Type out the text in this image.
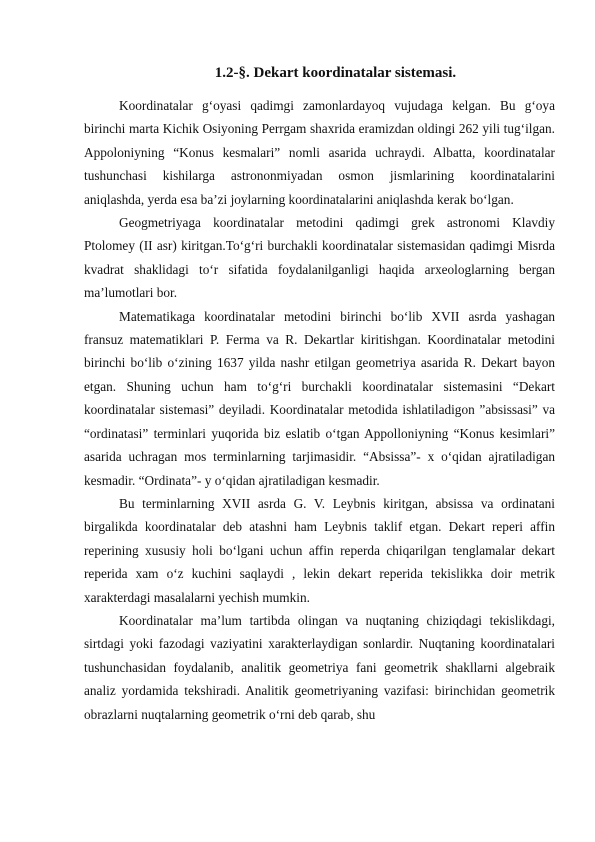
1.2-§. Dekart koordinatalar sistemasi.

Koordinatalar g‘oyasi qadimgi zamonlardayoq vujudaga kelgan. Bu g‘oya birinchi marta Kichik Osiyoning Perrgam shaxrida eramizdan oldingi 262 yili tug‘ilgan. Appoloniyning “Konus kesmalari” nomli asarida uchraydi. Albatta, koordinatalar tushunchasi kishilarga astrononmiyadan osmon jismlarining koordinatalarini aniqlashda, yerda esa ba’zi joylarning koordinatalarini aniqlashda kerak bo‘lgan.

Geogmetriyaga koordinatalar metodini qadimgi grek astronomi Klavdiy Ptolomey (II asr) kiritgan.To‘g‘ri burchakli koordinatalar sistemasidan qadimgi Misrda kvadrat shaklidagi to‘r sifatida foydalanilganligi haqida arxeologlarning bergan ma’lumotlari bor.

Matematikaga koordinatalar metodini birinchi bo‘lib XVII asrda yashagan fransuz matematiklari P. Ferma va R. Dekartlar kiritishgan. Koordinatalar metodini birinchi bo‘lib o‘zining 1637 yilda nashr etilgan geometriya asarida R. Dekart bayon etgan. Shuning uchun ham to‘g‘ri burchakli koordinatalar sistemasini “Dekart koordinatalar sistemasi” deyiladi. Koordinatalar metodida ishlatiladigon ”absissasi” va “ordinatasi” terminlari yuqorida biz eslatib o‘tgan Appolloniyning “Konus kesimlari” asarida uchragan mos terminlarning tarjimasidir. “Absissa”- x o‘qidan ajratiladigan kesmadir. “Ordinata”- y o‘qidan ajratiladigan kesmadir.

Bu terminlarning XVII asrda G. V. Leybnis kiritgan, absissa va ordinatani birgalikda koordinatalar deb atashni ham Leybnis taklif etgan. Dekart reperi affin reperining xususiy holi bo‘lgani uchun affin reperda chiqarilgan tenglamalar dekart reperida xam o‘z kuchini saqlaydi , lekin dekart reperida tekislikka doir metrik xarakterdagi masalalarni yechish mumkin.

Koordinatalar ma’lum tartibda olingan va nuqtaning chiziqdagi tekislikdagi, sirtdagi yoki fazodagi vaziyatini xarakterlaydigan sonlardir. Nuqtaning koordinatalari tushunchasidan foydalanib, analitik geometriya fani geometrik shakllarni algebraik analiz yordamida tekshiradi. Analitik geometriyaning vazifasi: birinchidan geometrik obrazlarni nuqtalarning geometrik o‘rni deb qarab, shu
